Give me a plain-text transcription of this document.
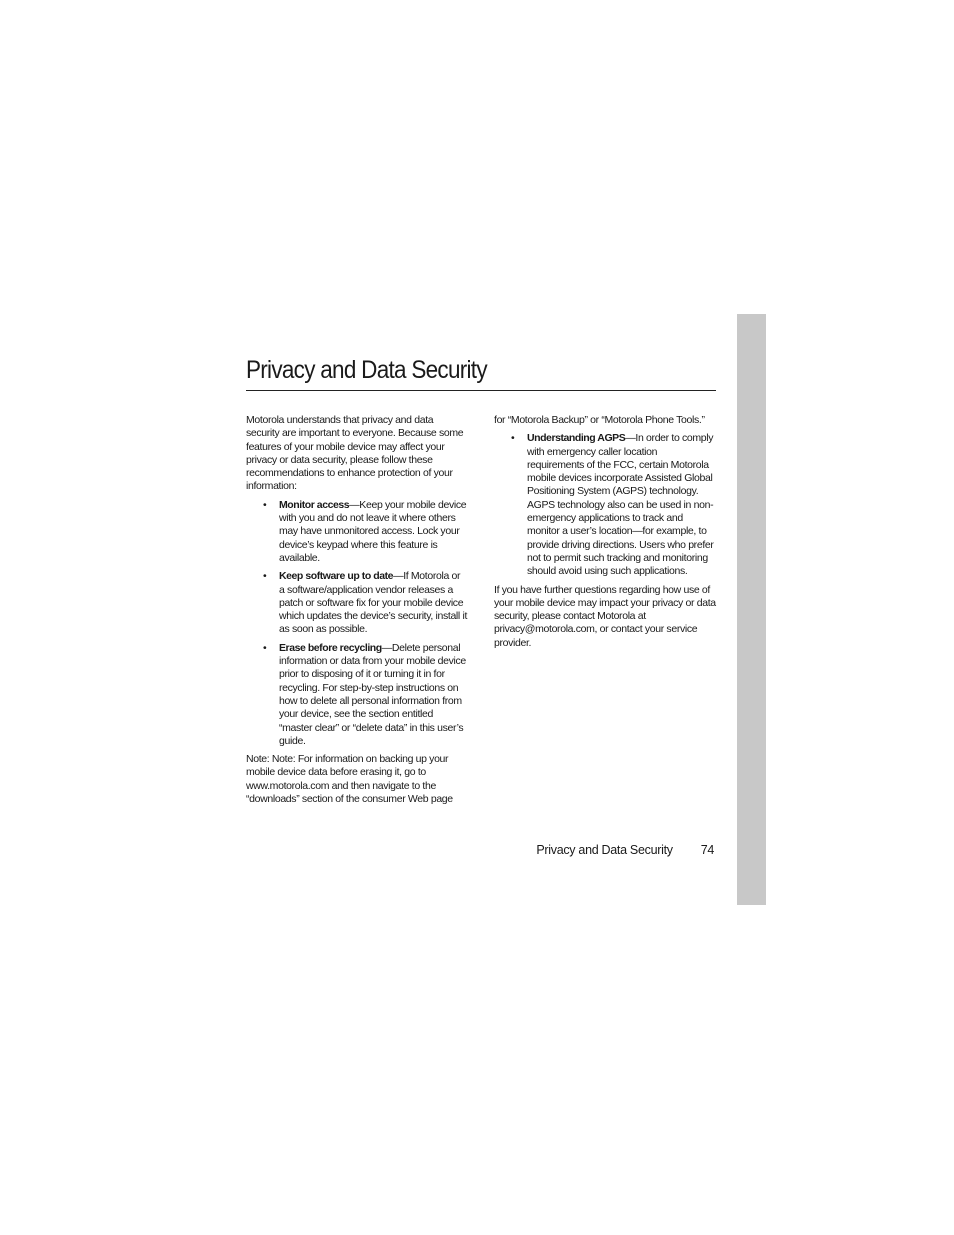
Privacy and Data Security

Motorola understands that privacy and data security are important to everyone. Because some features of your mobile device may affect your privacy or data security, please follow these recommendations to enhance protection of your information:

• Monitor access—Keep your mobile device with you and do not leave it where others may have unmonitored access. Lock your device’s keypad where this feature is available.
• Keep software up to date—If Motorola or a software/application vendor releases a patch or software fix for your mobile device which updates the device’s security, install it as soon as possible.
• Erase before recycling—Delete personal information or data from your mobile device prior to disposing of it or turning it in for recycling. For step-by-step instructions on how to delete all personal information from your device, see the section entitled “master clear” or “delete data” in this user’s guide.

Note: Note: For information on backing up your mobile device data before erasing it, go to www.motorola.com and then navigate to the “downloads” section of the consumer Web page

for “Motorola Backup” or “Motorola Phone Tools.”

• Understanding AGPS—In order to comply with emergency caller location requirements of the FCC, certain Motorola mobile devices incorporate Assisted Global Positioning System (AGPS) technology. AGPS technology also can be used in non-emergency applications to track and monitor a user’s location—for example, to provide driving directions. Users who prefer not to permit such tracking and monitoring should avoid using such applications.

If you have further questions regarding how use of your mobile device may impact your privacy or data security, please contact Motorola at privacy@motorola.com, or contact your service provider.

Privacy and Data Security 74
